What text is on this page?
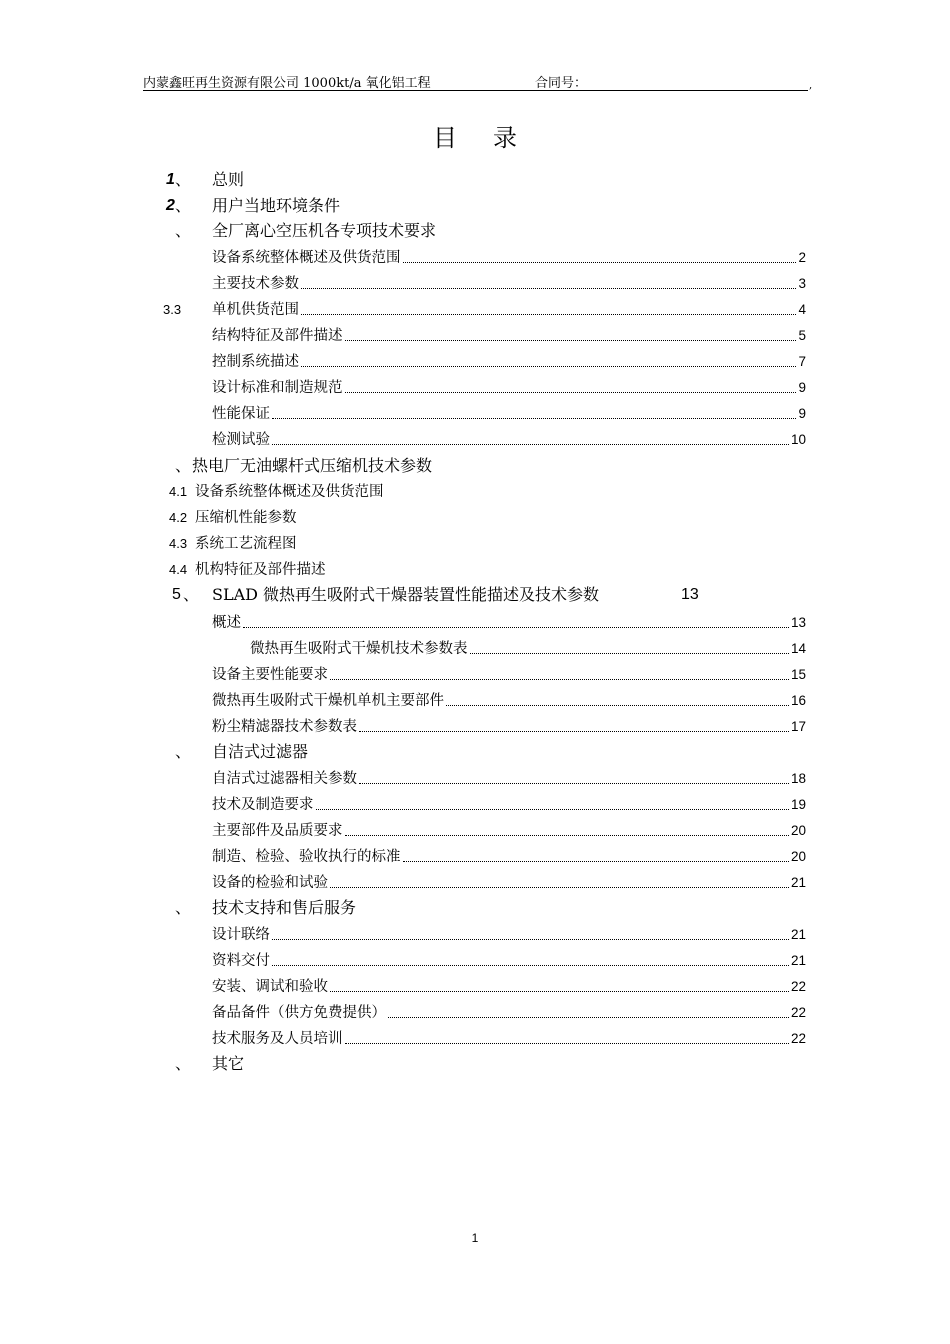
内蒙鑫旺再生资源有限公司 1000kt/a 氧化铝工程	合同号：	,
目录
1 、 总则
2 、 用户当地环境条件
、 全厂离心空压机各专项技术要求
设备系统整体概述及供货范围	2
主要技术参数	3
3.3 单机供货范围	4
结构特征及部件描述	5
控制系统描述	7
设计标准和制造规范	9
性能保证	9
检测试验	10
、 热电厂无油螺杆式压缩机技术参数
4.1 设备系统整体概述及供货范围
4.2 压缩机性能参数
4.3 系统工艺流程图
4.4 机构特征及部件描述
5 、 SLAD 微热再生吸附式干燥器装置性能描述及技术参数	13
概述	13
微热再生吸附式干燥机技术参数表	14
设备主要性能要求	15
微热再生吸附式干燥机单机主要部件	16
粉尘精滤器技术参数表	17
、 自洁式过滤器
自洁式过滤器相关参数	18
技术及制造要求	19
主要部件及品质要求	20
制造、检验、验收执行的标准	20
设备的检验和试验	21
、 技术支持和售后服务
设计联络	21
资料交付	21
安装、调试和验收	22
备品备件（供方免费提供）	22
技术服务及人员培训	22
、 其它
1
